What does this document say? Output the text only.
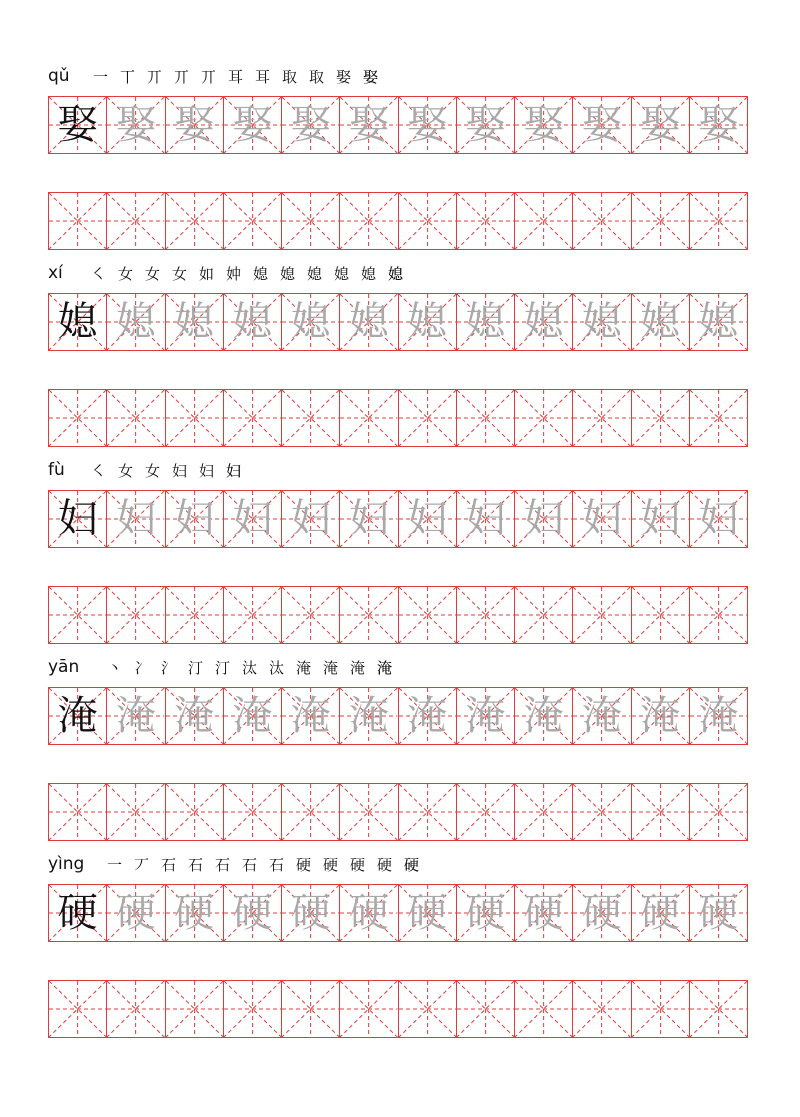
qǔ	一 丅 丌 丌 丌 耳 耳 取 取 娶 娶
娶 娶 娶 娶 娶 娶 娶 娶 娶 娶 娶 娶
xí	㇛ 女 女 女 如 妕 媳 媳 媳 媳 媳 媳
媳 媳 媳 媳 媳 媳 媳 媳 媳 媳 媳 媳
fù	㇛ 女 女 妇 妇 妇
妇 妇 妇 妇 妇 妇 妇 妇 妇 妇 妇 妇
yān	丶 冫 氵 汀 汀 汰 汰 淹 淹 淹 淹
淹 淹 淹 淹 淹 淹 淹 淹 淹 淹 淹 淹
yìng	一 丆 石 石 石 石 石 硬 硬 硬 硬 硬
硬 硬 硬 硬 硬 硬 硬 硬 硬 硬 硬 硬
